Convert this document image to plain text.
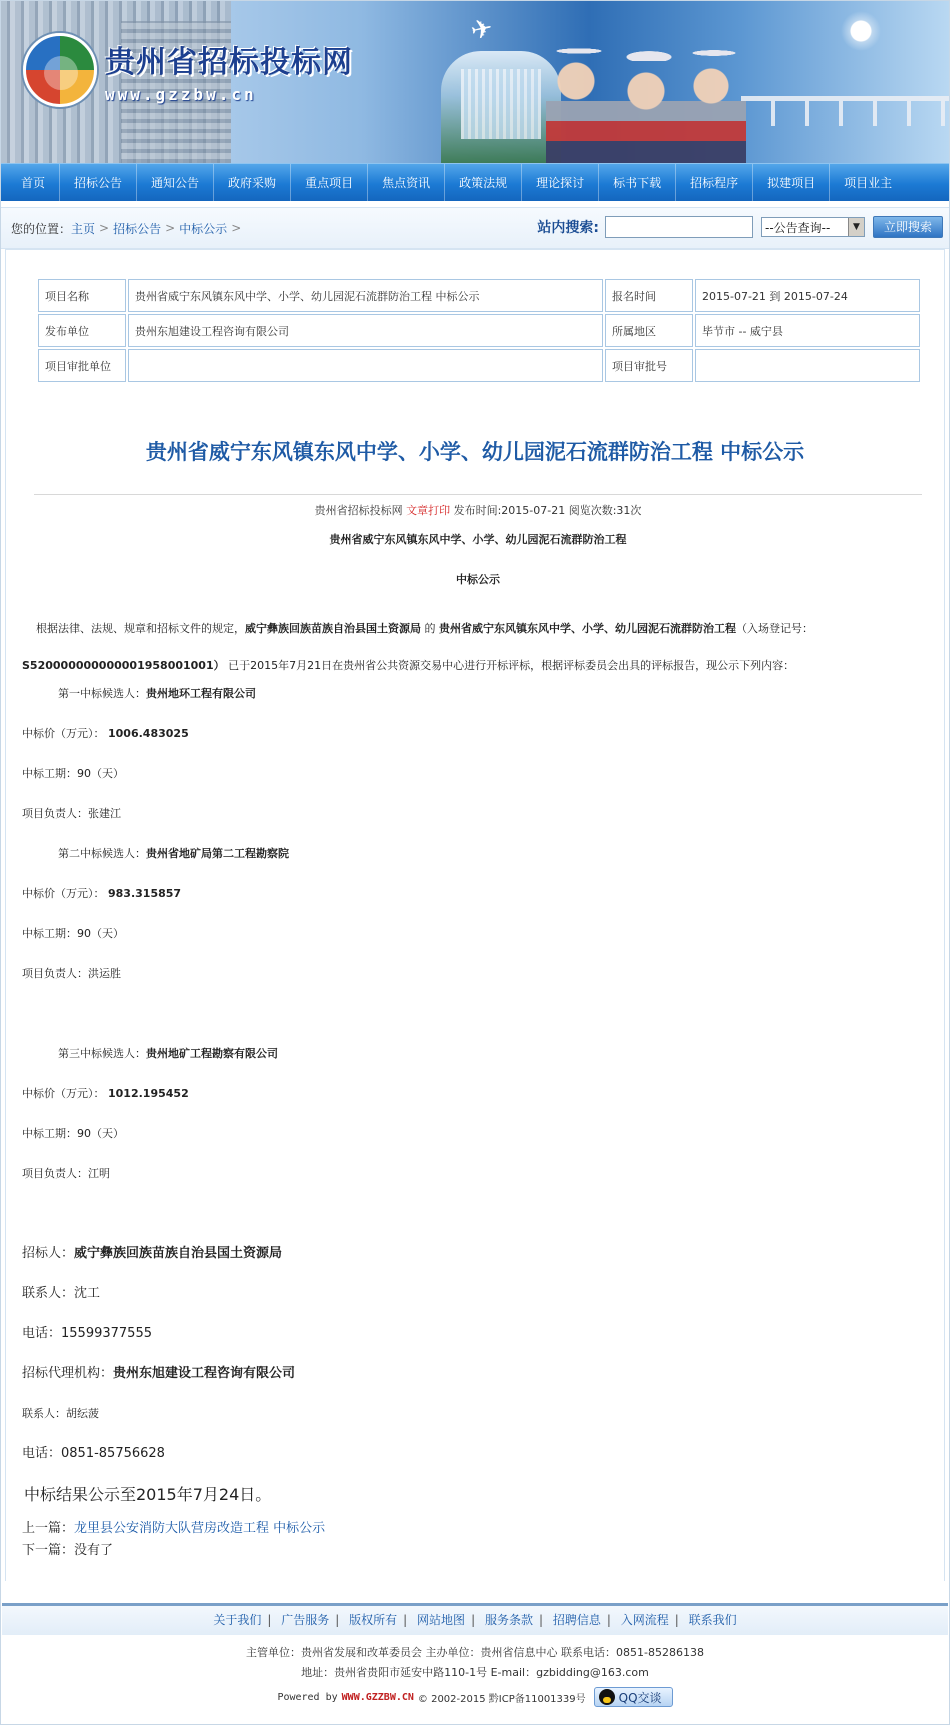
✈
贵州省招标投标网
www.gzzbw.cn
首页	招标公告	通知公告	政府采购	重点项目	焦点资讯	政策法规	理论探讨	标书下载	招标程序	拟建项目	项目业主
您的位置： 主页 > 招标公告 > 中标公示 >	站内搜索:	--公告查询--	▼	立即搜索
项目名称	贵州省威宁东风镇东风中学、小学、幼儿园泥石流群防治工程 中标公示	报名时间	2015-07-21 到 2015-07-24
发布单位	贵州东旭建设工程咨询有限公司	所属地区	毕节市 -- 威宁县
项目审批单位		项目审批号	
贵州省威宁东风镇东风中学、小学、幼儿园泥石流群防治工程 中标公示
贵州省招标投标网 文章打印 发布时间:2015-07-21 阅览次数:31次
贵州省威宁东风镇东风中学、小学、幼儿园泥石流群防治工程
中标公示
根据法律、法规、规章和招标文件的规定，威宁彝族回族苗族自治县国土资源局 的 贵州省威宁东风镇东风中学、小学、幼儿园泥石流群防治工程（入场登记号：S520000000000001958001001） 已于2015年7月21日在贵州省公共资源交易中心进行开标评标，根据评标委员会出具的评标报告，现公示下列内容：
第一中标候选人：贵州地环工程有限公司
中标价（万元）： 1006.483025
中标工期：90（天）
项目负责人：张建江
第二中标候选人：贵州省地矿局第二工程勘察院
中标价（万元）： 983.315857
中标工期：90（天）
项目负责人：洪运胜
第三中标候选人：贵州地矿工程勘察有限公司
中标价（万元）： 1012.195452
中标工期：90（天）
项目负责人：江明
招标人：威宁彝族回族苗族自治县国土资源局
联系人：沈工
电话：15599377555
招标代理机构：贵州东旭建设工程咨询有限公司
联系人：胡纭菠
电话：0851-85756628
中标结果公示至2015年7月24日。
上一篇：龙里县公安消防大队营房改造工程 中标公示
下一篇：没有了
关于我们 | 广告服务 | 版权所有 | 网站地图 | 服务条款 | 招聘信息 | 入网流程 | 联系我们
主管单位：贵州省发展和改革委员会 主办单位：贵州省信息中心 联系电话：0851-85286138
地址：贵州省贵阳市延安中路110-1号 E-mail：gzbidding@163.com
Powered by WWW.GZZBW.CN © 2002-2015 黔ICP备11001339号	QQ交谈
